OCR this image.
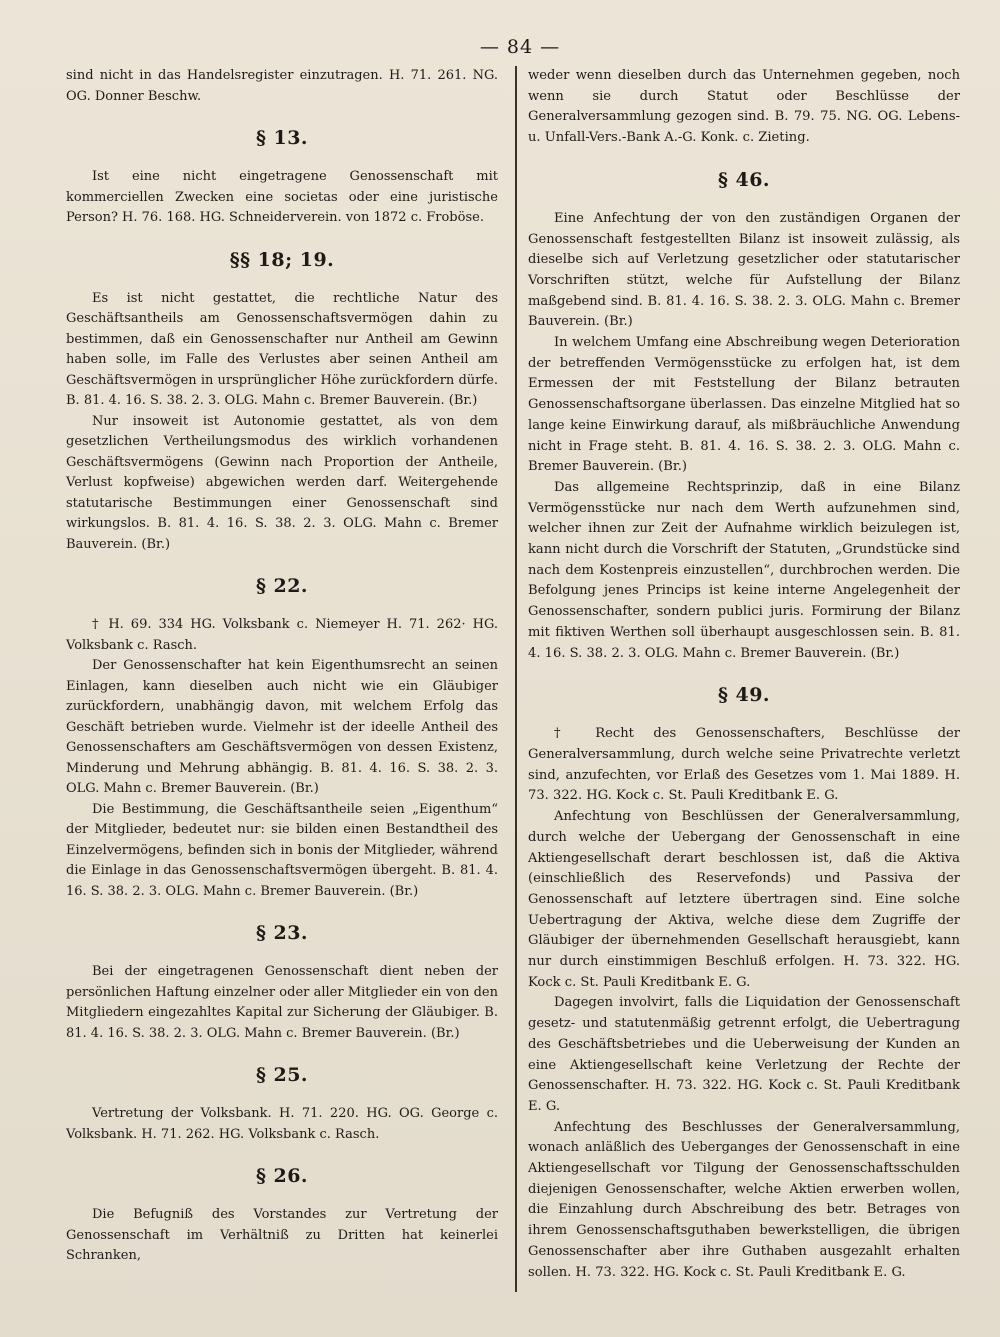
— 84 —

sind nicht in das Handelsregister einzutragen. H. 71. 261. NG. OG. Donner Beschw.

§ 13.

Ist eine nicht eingetragene Genossenschaft mit kommerciellen Zwecken eine societas oder eine juristische Person? H. 76. 168. HG. Schneiderverein. von 1872 c. Froböse.

§§ 18; 19.

Es ist nicht gestattet, die rechtliche Natur des Geschäftsantheils am Genossenschaftsvermögen dahin zu bestimmen, daß ein Genossenschafter nur Antheil am Gewinn haben solle, im Falle des Verlustes aber seinen Antheil am Geschäftsvermögen in ursprünglicher Höhe zurückfordern dürfe. B. 81. 4. 16. S. 38. 2. 3. OLG. Mahn c. Bremer Bauverein. (Br.)

Nur insoweit ist Autonomie gestattet, als von dem gesetzlichen Vertheilungsmodus des wirklich vorhandenen Geschäftsvermögens (Gewinn nach Proportion der Antheile, Verlust kopfweise) abgewichen werden darf. Weitergehende statutarische Bestimmungen einer Genossenschaft sind wirkungslos. B. 81. 4. 16. S. 38. 2. 3. OLG. Mahn c. Bremer Bauverein. (Br.)

§ 22.

† H. 69. 334 HG. Volksbank c. Niemeyer H. 71. 262· HG. Volksbank c. Rasch.

Der Genossenschafter hat kein Eigenthumsrecht an seinen Einlagen, kann dieselben auch nicht wie ein Gläubiger zurückfordern, unabhängig davon, mit welchem Erfolg das Geschäft betrieben wurde. Vielmehr ist der ideelle Antheil des Genossenschafters am Geschäftsvermögen von dessen Existenz, Minderung und Mehrung abhängig. B. 81. 4. 16. S. 38. 2. 3. OLG. Mahn c. Bremer Bauverein. (Br.)

Die Bestimmung, die Geschäftsantheile seien „Eigenthum“ der Mitglieder, bedeutet nur: sie bilden einen Bestandtheil des Einzelvermögens, befinden sich in bonis der Mitglieder, während die Einlage in das Genossenschaftsvermögen übergeht. B. 81. 4. 16. S. 38. 2. 3. OLG. Mahn c. Bremer Bauverein. (Br.)

§ 23.

Bei der eingetragenen Genossenschaft dient neben der persönlichen Haftung einzelner oder aller Mitglieder ein von den Mitgliedern eingezahltes Kapital zur Sicherung der Gläubiger. B. 81. 4. 16. S. 38. 2. 3. OLG. Mahn c. Bremer Bauverein. (Br.)

§ 25.

Vertretung der Volksbank. H. 71. 220. HG. OG. George c. Volksbank. H. 71. 262. HG. Volksbank c. Rasch.

§ 26.

Die Befugniß des Vorstandes zur Vertretung der Genossenschaft im Verhältniß zu Dritten hat keinerlei Schranken,

weder wenn dieselben durch das Unternehmen gegeben, noch wenn sie durch Statut oder Beschlüsse der Generalversammlung gezogen sind. B. 79. 75. NG. OG. Lebens- u. Unfall-Vers.-Bank A.-G. Konk. c. Zieting.

§ 46.

Eine Anfechtung der von den zuständigen Organen der Genossenschaft festgestellten Bilanz ist insoweit zulässig, als dieselbe sich auf Verletzung gesetzlicher oder statutarischer Vorschriften stützt, welche für Aufstellung der Bilanz maßgebend sind. B. 81. 4. 16. S. 38. 2. 3. OLG. Mahn c. Bremer Bauverein. (Br.)

In welchem Umfang eine Abschreibung wegen Deterioration der betreffenden Vermögensstücke zu erfolgen hat, ist dem Ermessen der mit Feststellung der Bilanz betrauten Genossenschaftsorgane überlassen. Das einzelne Mitglied hat so lange keine Einwirkung darauf, als mißbräuchliche Anwendung nicht in Frage steht. B. 81. 4. 16. S. 38. 2. 3. OLG. Mahn c. Bremer Bauverein. (Br.)

Das allgemeine Rechtsprinzip, daß in eine Bilanz Vermögensstücke nur nach dem Werth aufzunehmen sind, welcher ihnen zur Zeit der Aufnahme wirklich beizulegen ist, kann nicht durch die Vorschrift der Statuten, „Grundstücke sind nach dem Kostenpreis einzustellen“, durchbrochen werden. Die Befolgung jenes Princips ist keine interne Angelegenheit der Genossenschafter, sondern publici juris. Formirung der Bilanz mit fiktiven Werthen soll überhaupt ausgeschlossen sein. B. 81. 4. 16. S. 38. 2. 3. OLG. Mahn c. Bremer Bauverein. (Br.)

§ 49.

† Recht des Genossenschafters, Beschlüsse der Generalversammlung, durch welche seine Privatrechte verletzt sind, anzufechten, vor Erlaß des Gesetzes vom 1. Mai 1889. H. 73. 322. HG. Kock c. St. Pauli Kreditbank E. G.

Anfechtung von Beschlüssen der Generalversammlung, durch welche der Uebergang der Genossenschaft in eine Aktiengesellschaft derart beschlossen ist, daß die Aktiva (einschließlich des Reservefonds) und Passiva der Genossenschaft auf letztere übertragen sind. Eine solche Uebertragung der Aktiva, welche diese dem Zugriffe der Gläubiger der übernehmenden Gesellschaft herausgiebt, kann nur durch einstimmigen Beschluß erfolgen. H. 73. 322. HG. Kock c. St. Pauli Kreditbank E. G.

Dagegen involvirt, falls die Liquidation der Genossenschaft gesetz- und statutenmäßig getrennt erfolgt, die Uebertragung des Geschäftsbetriebes und die Ueberweisung der Kunden an eine Aktiengesellschaft keine Verletzung der Rechte der Genossenschafter. H. 73. 322. HG. Kock c. St. Pauli Kreditbank E. G.

Anfechtung des Beschlusses der Generalversammlung, wonach anläßlich des Ueberganges der Genossenschaft in eine Aktiengesellschaft vor Tilgung der Genossenschaftsschulden diejenigen Genossenschafter, welche Aktien erwerben wollen, die Einzahlung durch Abschreibung des betr. Betrages von ihrem Genossenschaftsguthaben bewerkstelligen, die übrigen Genossenschafter aber ihre Guthaben ausgezahlt erhalten sollen. H. 73. 322. HG. Kock c. St. Pauli Kreditbank E. G.
